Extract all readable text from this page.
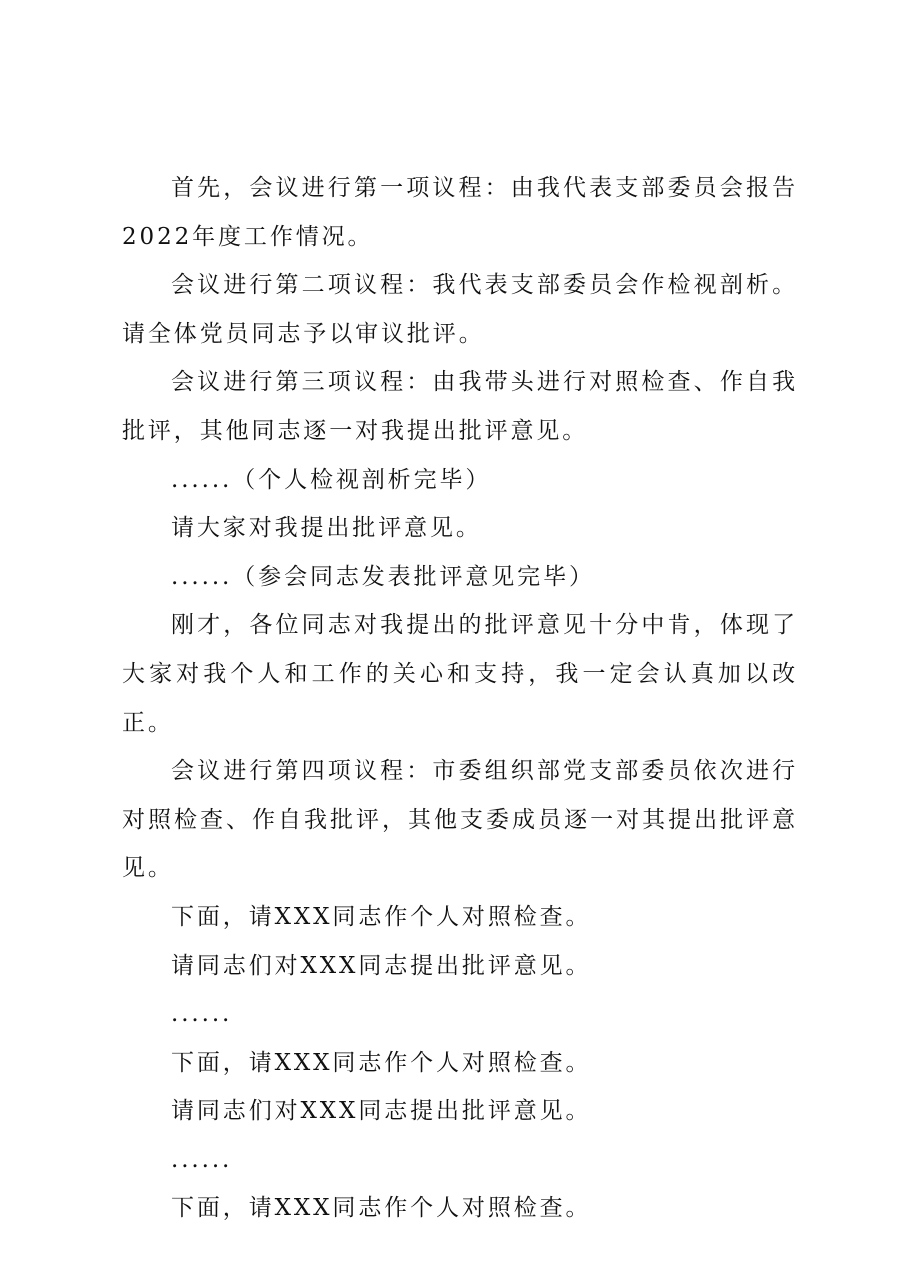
首先，会议进行第一项议程：由我代表支部委员会报告2022年度工作情况。

会议进行第二项议程：我代表支部委员会作检视剖析。请全体党员同志予以审议批评。

会议进行第三项议程：由我带头进行对照检查、作自我批评，其他同志逐一对我提出批评意见。

......（个人检视剖析完毕）

请大家对我提出批评意见。

......（参会同志发表批评意见完毕）

刚才，各位同志对我提出的批评意见十分中肯，体现了大家对我个人和工作的关心和支持，我一定会认真加以改正。

会议进行第四项议程：市委组织部党支部委员依次进行对照检查、作自我批评，其他支委成员逐一对其提出批评意见。

下面，请XXX同志作个人对照检查。

请同志们对XXX同志提出批评意见。

......

下面，请XXX同志作个人对照检查。

请同志们对XXX同志提出批评意见。

......

下面，请XXX同志作个人对照检查。
